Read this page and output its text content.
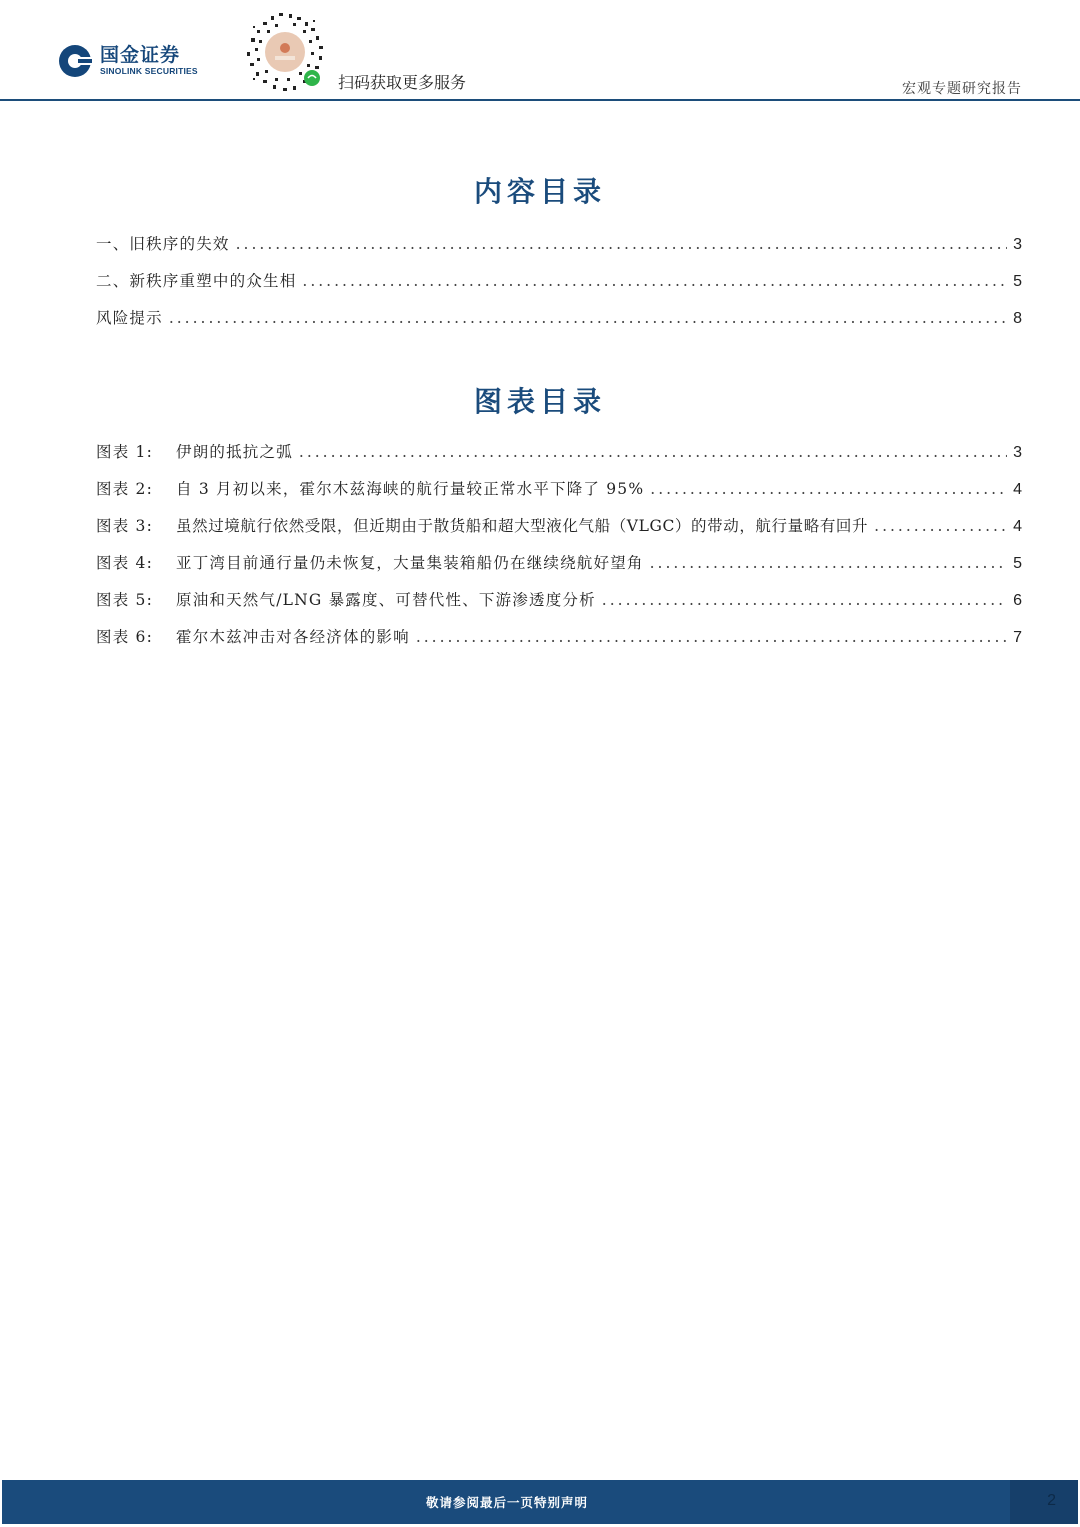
国金证券
SINOLINK SECURITIES
扫码获取更多服务	宏观专题研究报告
内容目录
一、旧秩序的失效 .....	3
二、新秩序重塑中的众生相 .....	5
风险提示 .....	8
图表目录
图表 1:	伊朗的抵抗之弧 .....	3
图表 2:	自 3 月初以来，霍尔木兹海峡的航行量较正常水平下降了 95% .....	4
图表 3:	虽然过境航行依然受限，但近期由于散货船和超大型液化气船（VLGC）的带动，航行量略有回升 .....	4
图表 4:	亚丁湾目前通行量仍未恢复，大量集装箱船仍在继续绕航好望角 .....	5
图表 5:	原油和天然气/LNG 暴露度、可替代性、下游渗透度分析 .....	6
图表 6:	霍尔木兹冲击对各经济体的影响 .....	7
敬请参阅最后一页特别声明	2
